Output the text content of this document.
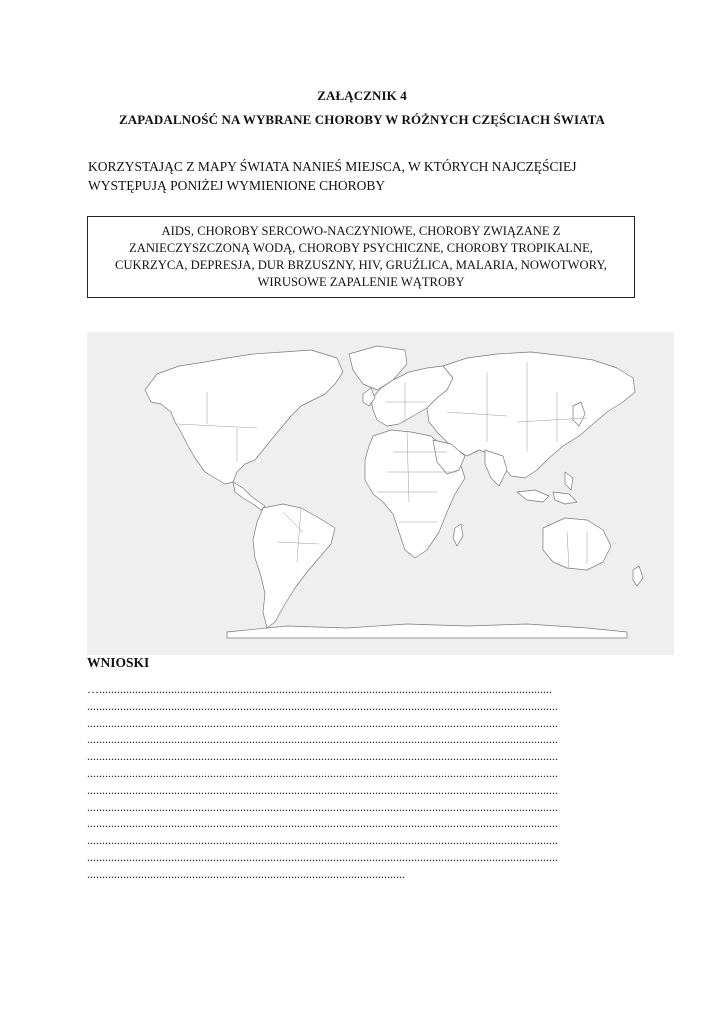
ZAŁĄCZNIK 4
ZAPADALNOŚĆ NA WYBRANE CHOROBY W RÓŻNYCH CZĘŚCIACH ŚWIATA
KORZYSTAJĄC Z MAPY ŚWIATA NANIEŚ MIEJSCA, W KTÓRYCH NAJCZĘŚCIEJ
WYSTĘPUJĄ PONIŻEJ WYMIENIONE CHOROBY

AIDS, CHOROBY SERCOWO-NACZYNIOWE, CHOROBY ZWIĄZANE Z
ZANIECZYSZCZONĄ WODĄ, CHOROBY PSYCHICZNE, CHOROBY TROPIKALNE,
CUKRZYCA, DEPRESJA, DUR BRZUSZNY, HIV, GRUŹLICA, MALARIA, NOWOTWORY,
WIRUSOWE ZAPALENIE WĄTROBY

WNIOSKI
….......................................................................................................................................................
.............................................................................................................................................................
.............................................................................................................................................................
.............................................................................................................................................................
.............................................................................................................................................................
.............................................................................................................................................................
.............................................................................................................................................................
.............................................................................................................................................................
.............................................................................................................................................................
.............................................................................................................................................................
.............................................................................................................................................................
..........................................................................................................
